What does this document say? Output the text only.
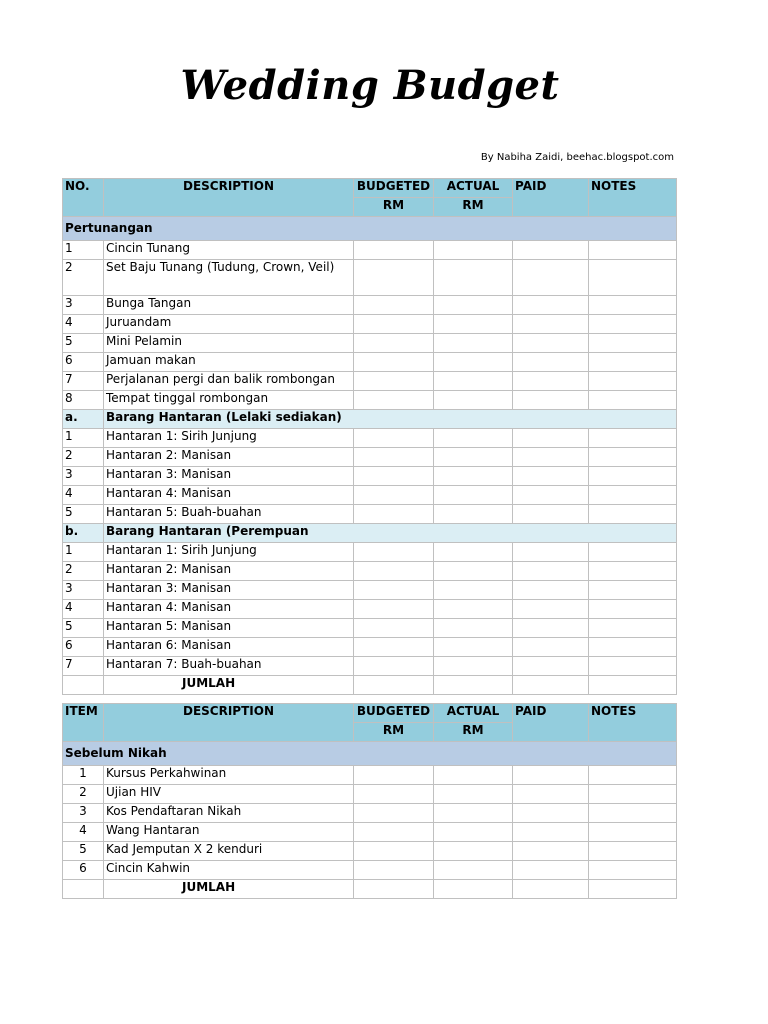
Wedding Budget
By Nabiha Zaidi, beehac.blogspot.com
NO.	DESCRIPTION	BUDGETED	ACTUAL	PAID	NOTES
		RM	RM		
Pertunangan					
1	Cincin Tunang				
2	Set Baju Tunang (Tudung, Crown, Veil)				
3	Bunga Tangan				
4	Juruandam				
5	Mini Pelamin				
6	Jamuan makan				
7	Perjalanan pergi dan balik rombongan				
8	Tempat tinggal rombongan				
a.	Barang Hantaran (Lelaki sediakan)				
1	Hantaran 1: Sirih Junjung				
2	Hantaran 2: Manisan				
3	Hantaran 3: Manisan				
4	Hantaran 4: Manisan				
5	Hantaran 5: Buah-buahan				
b.	Barang Hantaran (Perempuan				
1	Hantaran 1: Sirih Junjung				
2	Hantaran 2: Manisan				
3	Hantaran 3: Manisan				
4	Hantaran 4: Manisan				
5	Hantaran 5: Manisan				
6	Hantaran 6: Manisan				
7	Hantaran 7: Buah-buahan				
	JUMLAH				
ITEM	DESCRIPTION	BUDGETED	ACTUAL	PAID	NOTES
		RM	RM		
Sebelum Nikah					
1	Kursus Perkahwinan				
2	Ujian HIV				
3	Kos Pendaftaran Nikah				
4	Wang Hantaran				
5	Kad Jemputan X 2 kenduri				
6	Cincin Kahwin				
	JUMLAH				
